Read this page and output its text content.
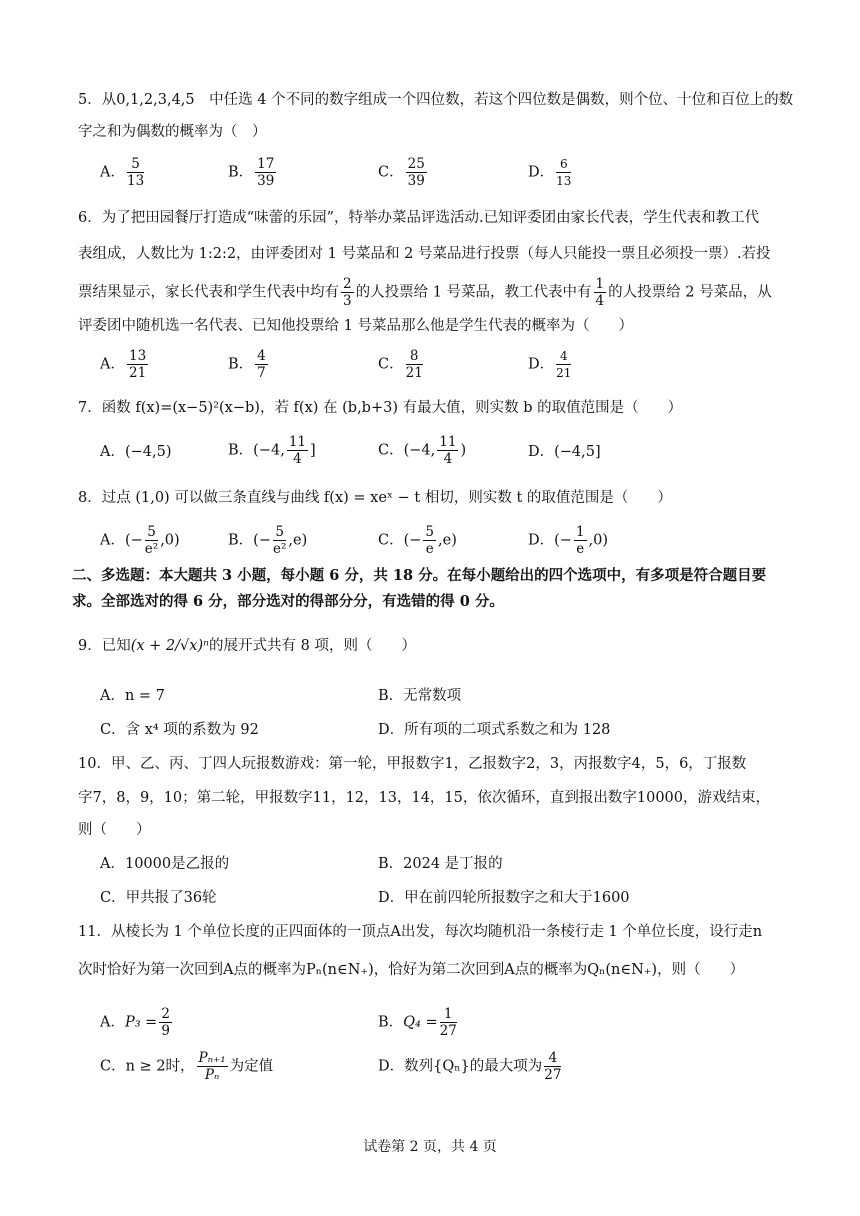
5．从0,1,2,3,4,5　中任选 4 个不同的数字组成一个四位数，若这个四位数是偶数，则个位、十位和百位上的数
字之和为偶数的概率为（　）
A． $\frac{5}{13}$	B． $\frac{17}{39}$	C． $\frac{25}{39}$	D． $\frac{6}{13}$
6．为了把田园餐厅打造成“味蕾的乐园”，特举办菜品评选活动.已知评委团由家长代表，学生代表和教工代
表组成，人数比为 1:2:2，由评委团对 1 号菜品和 2 号菜品进行投票（每人只能投一票且必须投一票）.若投
票结果显示，家长代表和学生代表中均有 $\frac{2}{3}$ 的人投票给 1 号菜品，教工代表中有 $\frac{1}{4}$ 的人投票给 2 号菜品，从
评委团中随机选一名代表、已知他投票给 1 号菜品那么他是学生代表的概率为（　　）
A． $\frac{13}{21}$	B． $\frac{4}{7}$	C． $\frac{8}{21}$	D． $\frac{4}{21}$
7．函数 f(x)=(x−5)²(x−b)，若 f(x) 在 (b,b+3) 有最大值，则实数 b 的取值范围是（　　）
A．(−4,5)	B．(−4, $\frac{11}{4}$ ]	C．(−4, $\frac{11}{4}$ )	D．(−4,5]
8．过点 (1,0) 可以做三条直线与曲线 f(x) = xeˣ − t 相切，则实数 t 的取值范围是（　　）
A．(− $\frac{5}{\text{e²}} ,0$)	B．(− $\frac{5}{\text{e²}} ,e$)	C．(− $\frac{5}{e} ,e$)	D．(− $\frac{1}{e} ,0$)
二、多选题：本大题共 3 小题，每小题 6 分，共 18 分。在每小题给出的四个选项中，有多项是符合题目要
求。全部选对的得 6 分，部分选对的得部分分，有选错的得 0 分。
9．已知(x + 2/√x)ⁿ的展开式共有 8 项，则（　　）
A．n = 7	B．无常数项
C．含 x⁴ 项的系数为 92	D．所有项的二项式系数之和为 128
10．甲、乙、丙、丁四人玩报数游戏：第一轮，甲报数字1，乙报数字2，3，丙报数字4，5，6，丁报数
字7，8，9，10；第二轮，甲报数字11，12，13，14，15，依次循环，直到报出数字10000，游戏结束，
则（　　）
A．10000是乙报的	B．2024 是丁报的
C．甲共报了36轮	D．甲在前四轮所报数字之和大于1600
11．从棱长为 1 个单位长度的正四面体的一顶点A出发，每次均随机沿一条棱行走 1 个单位长度，设行走n
次时恰好为第一次回到A点的概率为Pₙ(n∈N₊)，恰好为第二次回到A点的概率为Qₙ(n∈N₊)，则（　　）
A．$P_3 = \frac{2}{9}$	B．$Q_4 = \frac{1}{27}$
C．n ≥ 2时， $\frac{\text{Pₙ₊₁}}{\text{Pₙ}}$ 为定值	D．数列{Qₙ}的最大项为 $\frac{4}{27}$
试卷第 2 页，共 4 页
